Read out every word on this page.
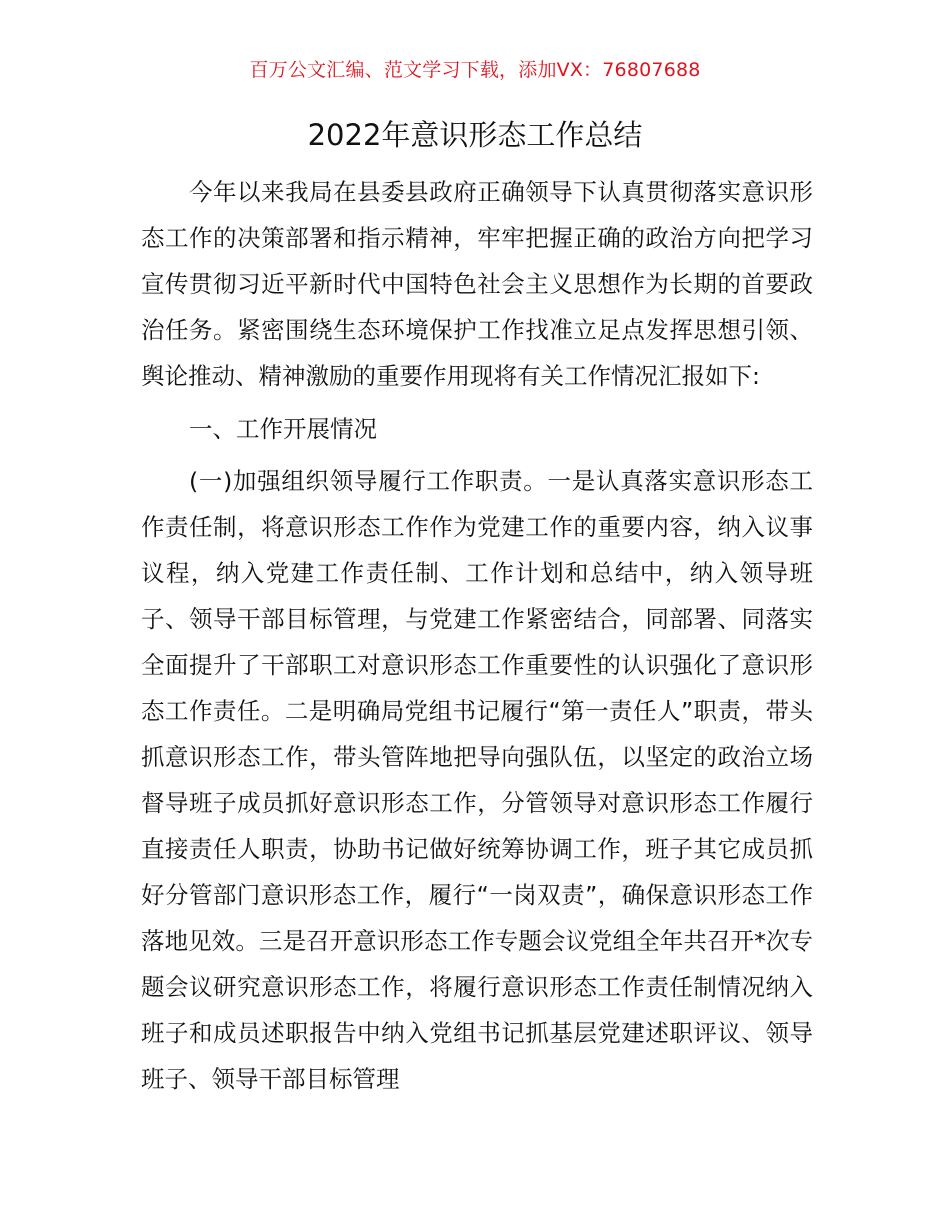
百万公文汇编、范文学习下载，添加VX：76807688
2022年意识形态工作总结

今年以来我局在县委县政府正确领导下认真贯彻落实意识形态工作的决策部署和指示精神，牢牢把握正确的政治方向把学习宣传贯彻习近平新时代中国特色社会主义思想作为长期的首要政治任务。紧密围绕生态环境保护工作找准立足点发挥思想引领、舆论推动、精神激励的重要作用现将有关工作情况汇报如下:

一、工作开展情况

(一)加强组织领导履行工作职责。一是认真落实意识形态工作责任制，将意识形态工作作为党建工作的重要内容，纳入议事议程，纳入党建工作责任制、工作计划和总结中，纳入领导班子、领导干部目标管理，与党建工作紧密结合，同部署、同落实全面提升了干部职工对意识形态工作重要性的认识强化了意识形态工作责任。二是明确局党组书记履行“第一责任人”职责，带头抓意识形态工作，带头管阵地把导向强队伍，以坚定的政治立场督导班子成员抓好意识形态工作，分管领导对意识形态工作履行直接责任人职责，协助书记做好统筹协调工作，班子其它成员抓好分管部门意识形态工作，履行“一岗双责”，确保意识形态工作落地见效。三是召开意识形态工作专题会议党组全年共召开*次专题会议研究意识形态工作，将履行意识形态工作责任制情况纳入班子和成员述职报告中纳入党组书记抓基层党建述职评议、领导班子、领导干部目标管理
